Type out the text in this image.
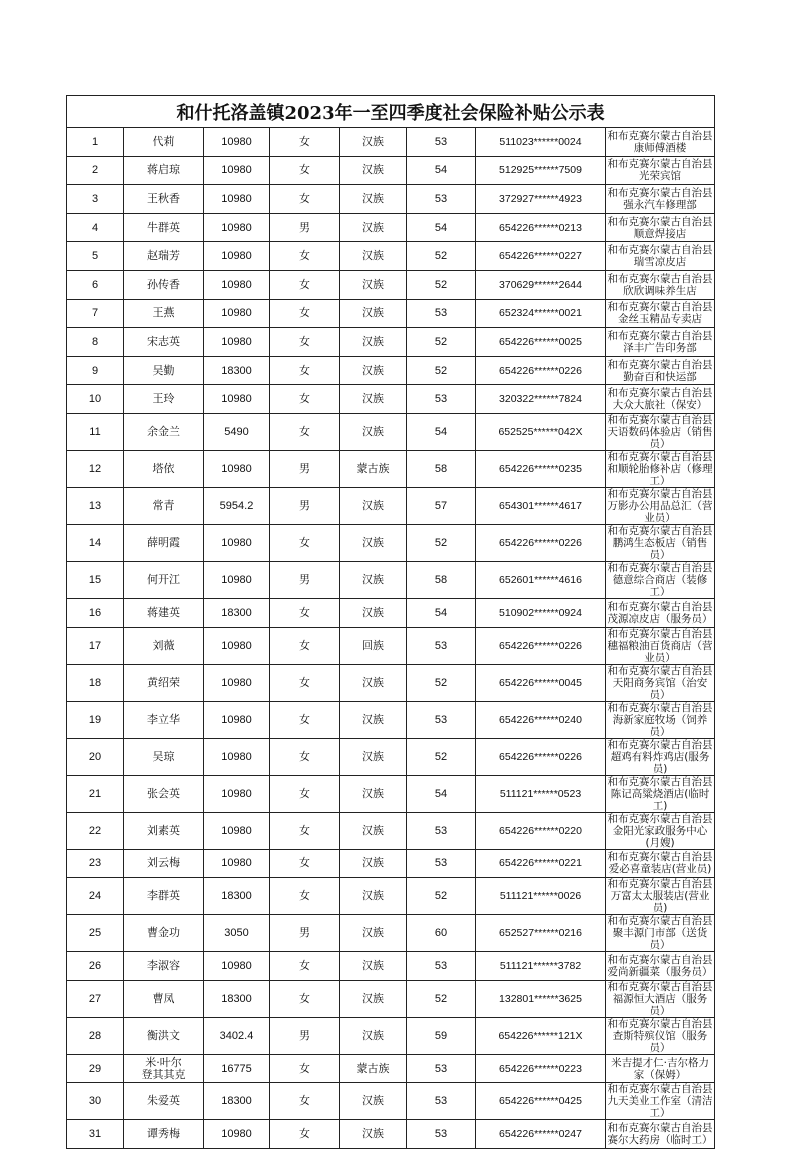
和什托洛盖镇2023年一至四季度社会保险补贴公示表							
1	代莉	10980	女	汉族	53	511023******0024	和布克赛尔蒙古自治县
康师傅酒楼

2	蒋启琼	10980	女	汉族	54	512925******7509	和布克赛尔蒙古自治县
光荣宾馆

3	王秋香	10980	女	汉族	53	372927******4923	和布克赛尔蒙古自治县
强永汽车修理部

4	牛群英	10980	男	汉族	54	654226******0213	和布克赛尔蒙古自治县
顺意焊接店

5	赵瑞芳	10980	女	汉族	52	654226******0227	和布克赛尔蒙古自治县
瑞雪凉皮店

6	孙传香	10980	女	汉族	52	370629******2644	和布克赛尔蒙古自治县
欣欣调味养生店

7	王燕	10980	女	汉族	53	652324******0021	和布克赛尔蒙古自治县
金丝玉精品专卖店

8	宋志英	10980	女	汉族	52	654226******0025	和布克赛尔蒙古自治县
泽丰广告印务部

9	吴勤	18300	女	汉族	52	654226******0226	和布克赛尔蒙古自治县
勤奋百和快运部

10	王玲	10980	女	汉族	53	320322******7824	和布克赛尔蒙古自治县
大众大旅社（保安）

11	余金兰	5490	女	汉族	54	652525******042X	和布克赛尔蒙古自治县
天语数码体验店（销售员）

12	塔依	10980	男	蒙古族	58	654226******0235	和布克赛尔蒙古自治县
和顺轮胎修补店（修理工）

13	常青	5954.2	男	汉族	57	654301******4617	和布克赛尔蒙古自治县
万影办公用品总汇（营业员）

14	薛明霞	10980	女	汉族	52	654226******0226	和布克赛尔蒙古自治县
鹏鸿生态板店（销售员）

15	何开江	10980	男	汉族	58	652601******4616	和布克赛尔蒙古自治县
德意综合商店（装修工）

16	蒋建英	18300	女	汉族	54	510902******0924	和布克赛尔蒙古自治县
茂源凉皮店（服务员）

17	刘薇	10980	女	回族	53	654226******0226	和布克赛尔蒙古自治县
穗福粮油百货商店（营业员）

18	黄绍荣	10980	女	汉族	52	654226******0045	和布克赛尔蒙古自治县
天阳商务宾馆（治安员）

19	李立华	10980	女	汉族	53	654226******0240	和布克赛尔蒙古自治县
海新家庭牧场（饲养员）

20	吴琼	10980	女	汉族	52	654226******0226	和布克赛尔蒙古自治县
超鸡有料炸鸡店(服务员)

21	张会英	10980	女	汉族	54	511121******0523	和布克赛尔蒙古自治县
陈记高粱烧酒店(临时工)

22	刘素英	10980	女	汉族	53	654226******0220	和布克赛尔蒙古自治县
金阳光家政服务中心(月嫂)

23	刘云梅	10980	女	汉族	53	654226******0221	和布克赛尔蒙古自治县
爱必喜童装店(营业员)

24	李群英	18300	女	汉族	52	511121******0026	和布克赛尔蒙古自治县
万富太太服装店(营业员)

25	曹金功	3050	男	汉族	60	652527******0216	和布克赛尔蒙古自治县
聚丰源门市部（送货员）

26	李淑容	10980	女	汉族	53	511121******3782	和布克赛尔蒙古自治县
爱尚新疆菜（服务员）

27	曹凤	18300	女	汉族	52	132801******3625	和布克赛尔蒙古自治县
福源恒大酒店（服务员）

28	衡洪文	3402.4	男	汉族	59	654226******121X	和布克赛尔蒙古自治县
查斯特殡仪馆（服务员）

29	米·叶尔
登其其克	16775	女	蒙古族	53	654226******0223	米吉提才仁·吉尔格力家（保姆）

30	朱爱英	18300	女	汉族	53	654226******0425	和布克赛尔蒙古自治县
九天美业工作室（清洁工）

31	谭秀梅	10980	女	汉族	53	654226******0247	和布克赛尔蒙古自治县
赛尔大药房（临时工）
